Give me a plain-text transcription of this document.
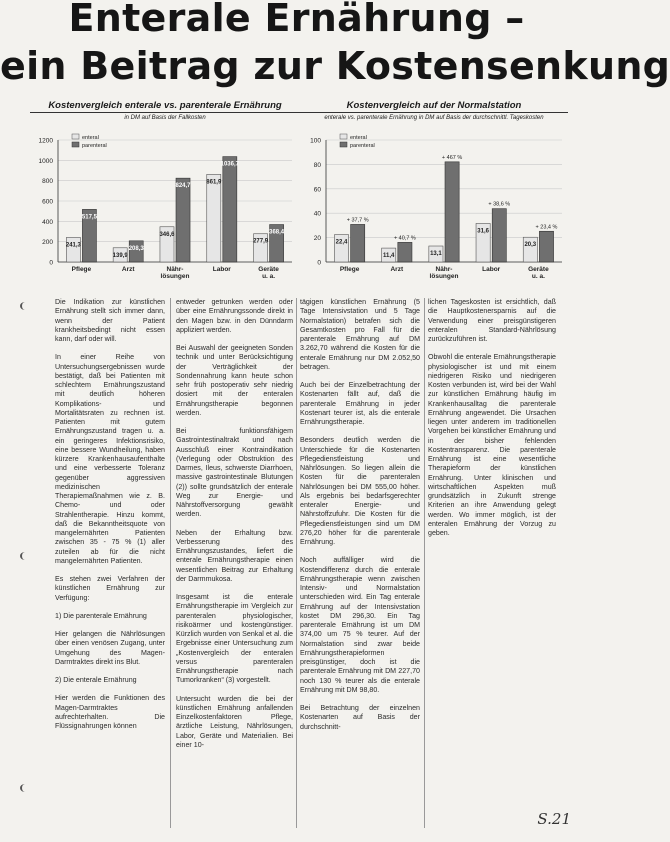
Enterale Ernährung –
ein Beitrag zur Kostensenkung
Kostenvergleich enterale vs. parenterale Ernährung
in DM auf Basis der Fallkosten
0
200
400
600
800
1000
1200
241,3
517,5
Pflege
139,9
208,3
Arzt
346,6
824,7
Nähr-
lösungen
861,9
1036,7
Labor
277,9
368,4
Geräte
u. a.
enteral
parenteral
Kostenvergleich auf der Normalstation
enterale vs. parenterale Ernährung in DM auf Basis der durchschnittl. Tageskosten
0
20
40
60
80
100
22,4
+ 37,7 %
Pflege
11,4
+ 40,7 %
Arzt
13,1
+ 467 %
Nähr-
lösungen
31,6
+ 38,6 %
Labor
20,3
+ 23,4 %
Geräte
u. a.
enteral
parenteral

Die Indikation zur künstlichen Ernährung stellt sich immer dann, wenn der Patient krankheitsbedingt nicht essen kann, darf oder will.

In einer Reihe von Untersuchungsergebnissen wurde bestätigt, daß bei Patienten mit schlechtem Ernährungszustand mit deutlich höheren Komplikations- und Mortalitätsraten zu rechnen ist. Patienten mit gutem Ernährungszustand tragen u. a. ein geringeres Infektionsrisiko, eine bessere Wundheilung, haben kürzere Krankenhausaufenthalte und eine verbesserte Toleranz gegenüber aggressiven medizinischen Therapiemaßnahmen wie z. B. Chemo- und oder Strahlentherapie. Hinzu kommt, daß die Bekanntheitsquote von mangelernährten Patienten zwischen 35 - 75 % (1) aller zuteilen ab für die nicht mangelernährten Patienten.

Es stehen zwei Verfahren der künstlichen Ernährung zur Verfügung:

1) Die parenterale Ernährung

Hier gelangen die Nährlösungen über einen venösen Zugang, unter Umgehung des Magen-Darmtraktes direkt ins Blut.

2) Die enterale Ernährung

Hier werden die Funktionen des Magen-Darmtraktes aufrechterhalten. Die Flüssignahrungen können

entweder getrunken werden oder über eine Ernährungssonde direkt in den Magen bzw. in den Dünndarm appliziert werden.

Bei Auswahl der geeigneten Sonden technik und unter Berücksichtigung der Verträglichkeit der Sondennahrung kann heute schon sehr früh postoperativ sehr niedrig dosiert mit der enteralen Ernährungstherapie begonnen werden.

Bei funktionsfähigem Gastrointestinaltrakt und nach Ausschluß einer Kontraindikation (Verlegung oder Obstruktion des Darmes, Ileus, schwerste Diarrhoen, massive gastrointestinale Blutungen (2)) sollte grundsätzlich der enterale Weg zur Energie- und Nährstoffversorgung gewählt werden.

Neben der Erhaltung bzw. Verbesserung des Ernährungszustandes, liefert die enterale Ernährungstherapie einen wesentlichen Beitrag zur Erhaltung der Darmmukosa.

Insgesamt ist die enterale Ernährungstherapie im Vergleich zur parenteralen physiologischer, risikoärmer und kostengünstiger. Kürzlich wurden von Senkal et al. die Ergebnisse einer Untersuchung zum „Kostenvergleich der enteralen versus parenteralen Ernährungstherapie nach Tumorkranken“ (3) vorgestellt.

Untersucht wurden die bei der künstlichen Ernährung anfallenden Einzelkostenfaktoren Pflege, ärztliche Leistung, Nährlösungen, Labor, Geräte und Materialien. Bei einer 10-

tägigen künstlichen Ernährung (5 Tage Intensivstation und 5 Tage Normalstation) betrafen sich die Gesamtkosten pro Fall für die parenterale Ernährung auf DM 3.262,70 während die Kosten für die enterale Ernährung nur DM 2.052,50 betragen.

Auch bei der Einzelbetrachtung der Kostenarten fällt auf, daß die parenterale Ernährung in jeder Kostenart teurer ist, als die enterale Ernährungstherapie.

Besonders deutlich werden die Unterschiede für die Kostenarten Pflegedienstleistung und Nährlösungen. So liegen allein die Kosten für die parenteralen Nährlösungen bei DM 555,00 höher. Als ergebnis bei bedarfsgerechter enteraler Energie- und Nährstoffzufuhr. Die Kosten für die Pflegedienstleistungen sind um DM 276,20 höher für die parenterale Ernährung.

Noch auffälliger wird die Kostendifferenz durch die enterale Ernährungstherapie wenn zwischen Intensiv- und Normalstation unterschieden wird. Ein Tag enterale Ernährung auf der Intensivstation kostet DM 296,30. Ein Tag parenterale Ernährung ist um DM 374,00 um 75 % teurer. Auf der Normalstation sind zwar beide Ernährungstherapieformen preisgünstiger, doch ist die parenterale Ernährung mit DM 227,70 noch 130 % teurer als die enterale Ernährung mit DM 98,80.

Bei Betrachtung der einzelnen Kostenarten auf Basis der durchschnitt-

lichen Tageskosten ist ersichtlich, daß die Hauptkostenersparnis auf die Verwendung einer preisgünstigeren enteralen Standard-Nährlösung zurückzuführen ist.

Obwohl die enterale Ernährungstherapie physiologischer ist und mit einem niedrigeren Risiko und niedrigeren Kosten verbunden ist, wird bei der Wahl zur künstlichen Ernährung häufig im Krankenhausalltag die parenterale Ernährung angewendet. Die Ursachen liegen unter anderem im traditionellen Vorgehen bei künstlicher Ernährung und in der bisher fehlenden Kostentransparenz. Die parenterale Ernährung ist eine wesentliche Therapieform der künstlichen Ernährung. Unter klinischen und wirtschaftlichen Aspekten muß grundsätzlich in Zukunft strenge Kriterien an ihre Anwendung gelegt werden. Wo immer möglich, ist der enteralen Ernährung der Vorzug zu geben.

S.21
